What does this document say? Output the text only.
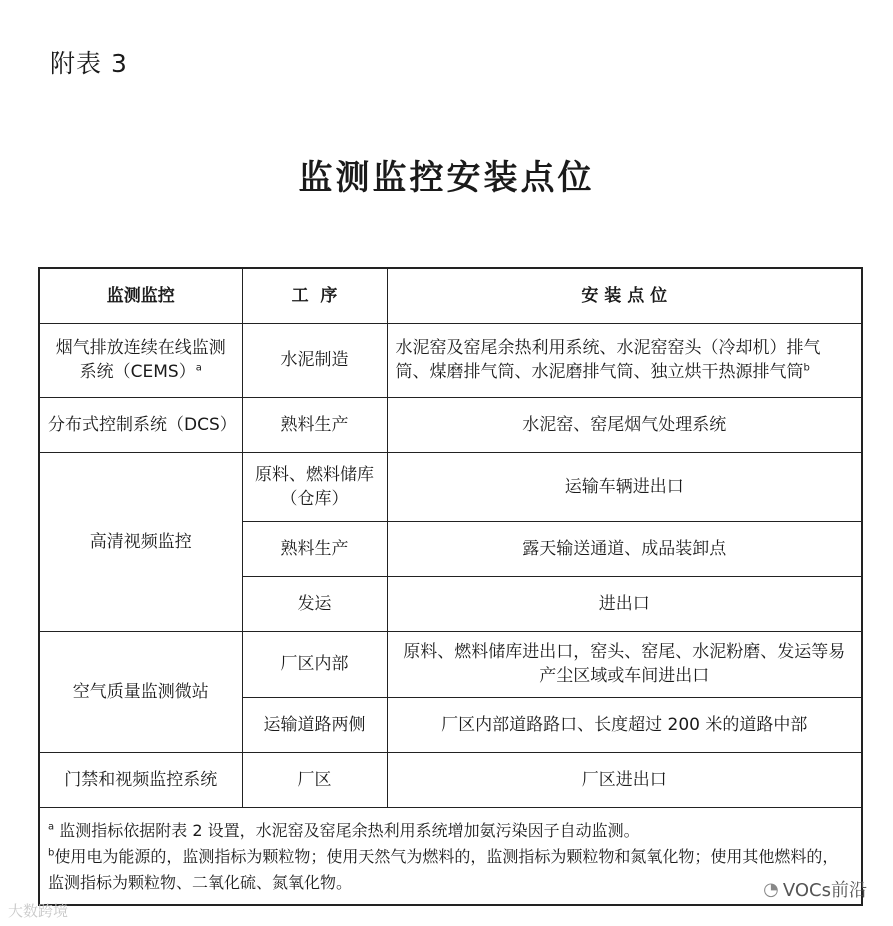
附表 3
监测监控安装点位
监测监控	工  序	安 装 点 位
烟气排放连续在线监测系统（CEMS）$^a$	水泥制造	水泥窑及窑尾余热利用系统、水泥窑窑头（冷却机）排气筒、煤磨排气筒、水泥磨排气筒、独立烘干热源排气筒$^b$
分布式控制系统（DCS）	熟料生产	水泥窑、窑尾烟气处理系统
高清视频监控	原料、燃料储库（仓库）	运输车辆进出口
	熟料生产	露天输送通道、成品装卸点
	发运	进出口
空气质量监测微站	厂区内部	原料、燃料储库进出口，窑头、窑尾、水泥粉磨、发运等易产尘区域或车间进出口
	运输道路两侧	厂区内部道路路口、长度超过 200 米的道路中部
门禁和视频监控系统	厂区	厂区进出口

$^a$ 监测指标依据附表 2 设置，水泥窑及窑尾余热利用系统增加氨污染因子自动监测。
$^b$使用电为能源的，监测指标为颗粒物；使用天然气为燃料的，监测指标为颗粒物和氮氧化物；使用其他燃料的，监测指标为颗粒物、二氧化硫、氮氧化物。		
大数跨境
◔ VOCs前沿
